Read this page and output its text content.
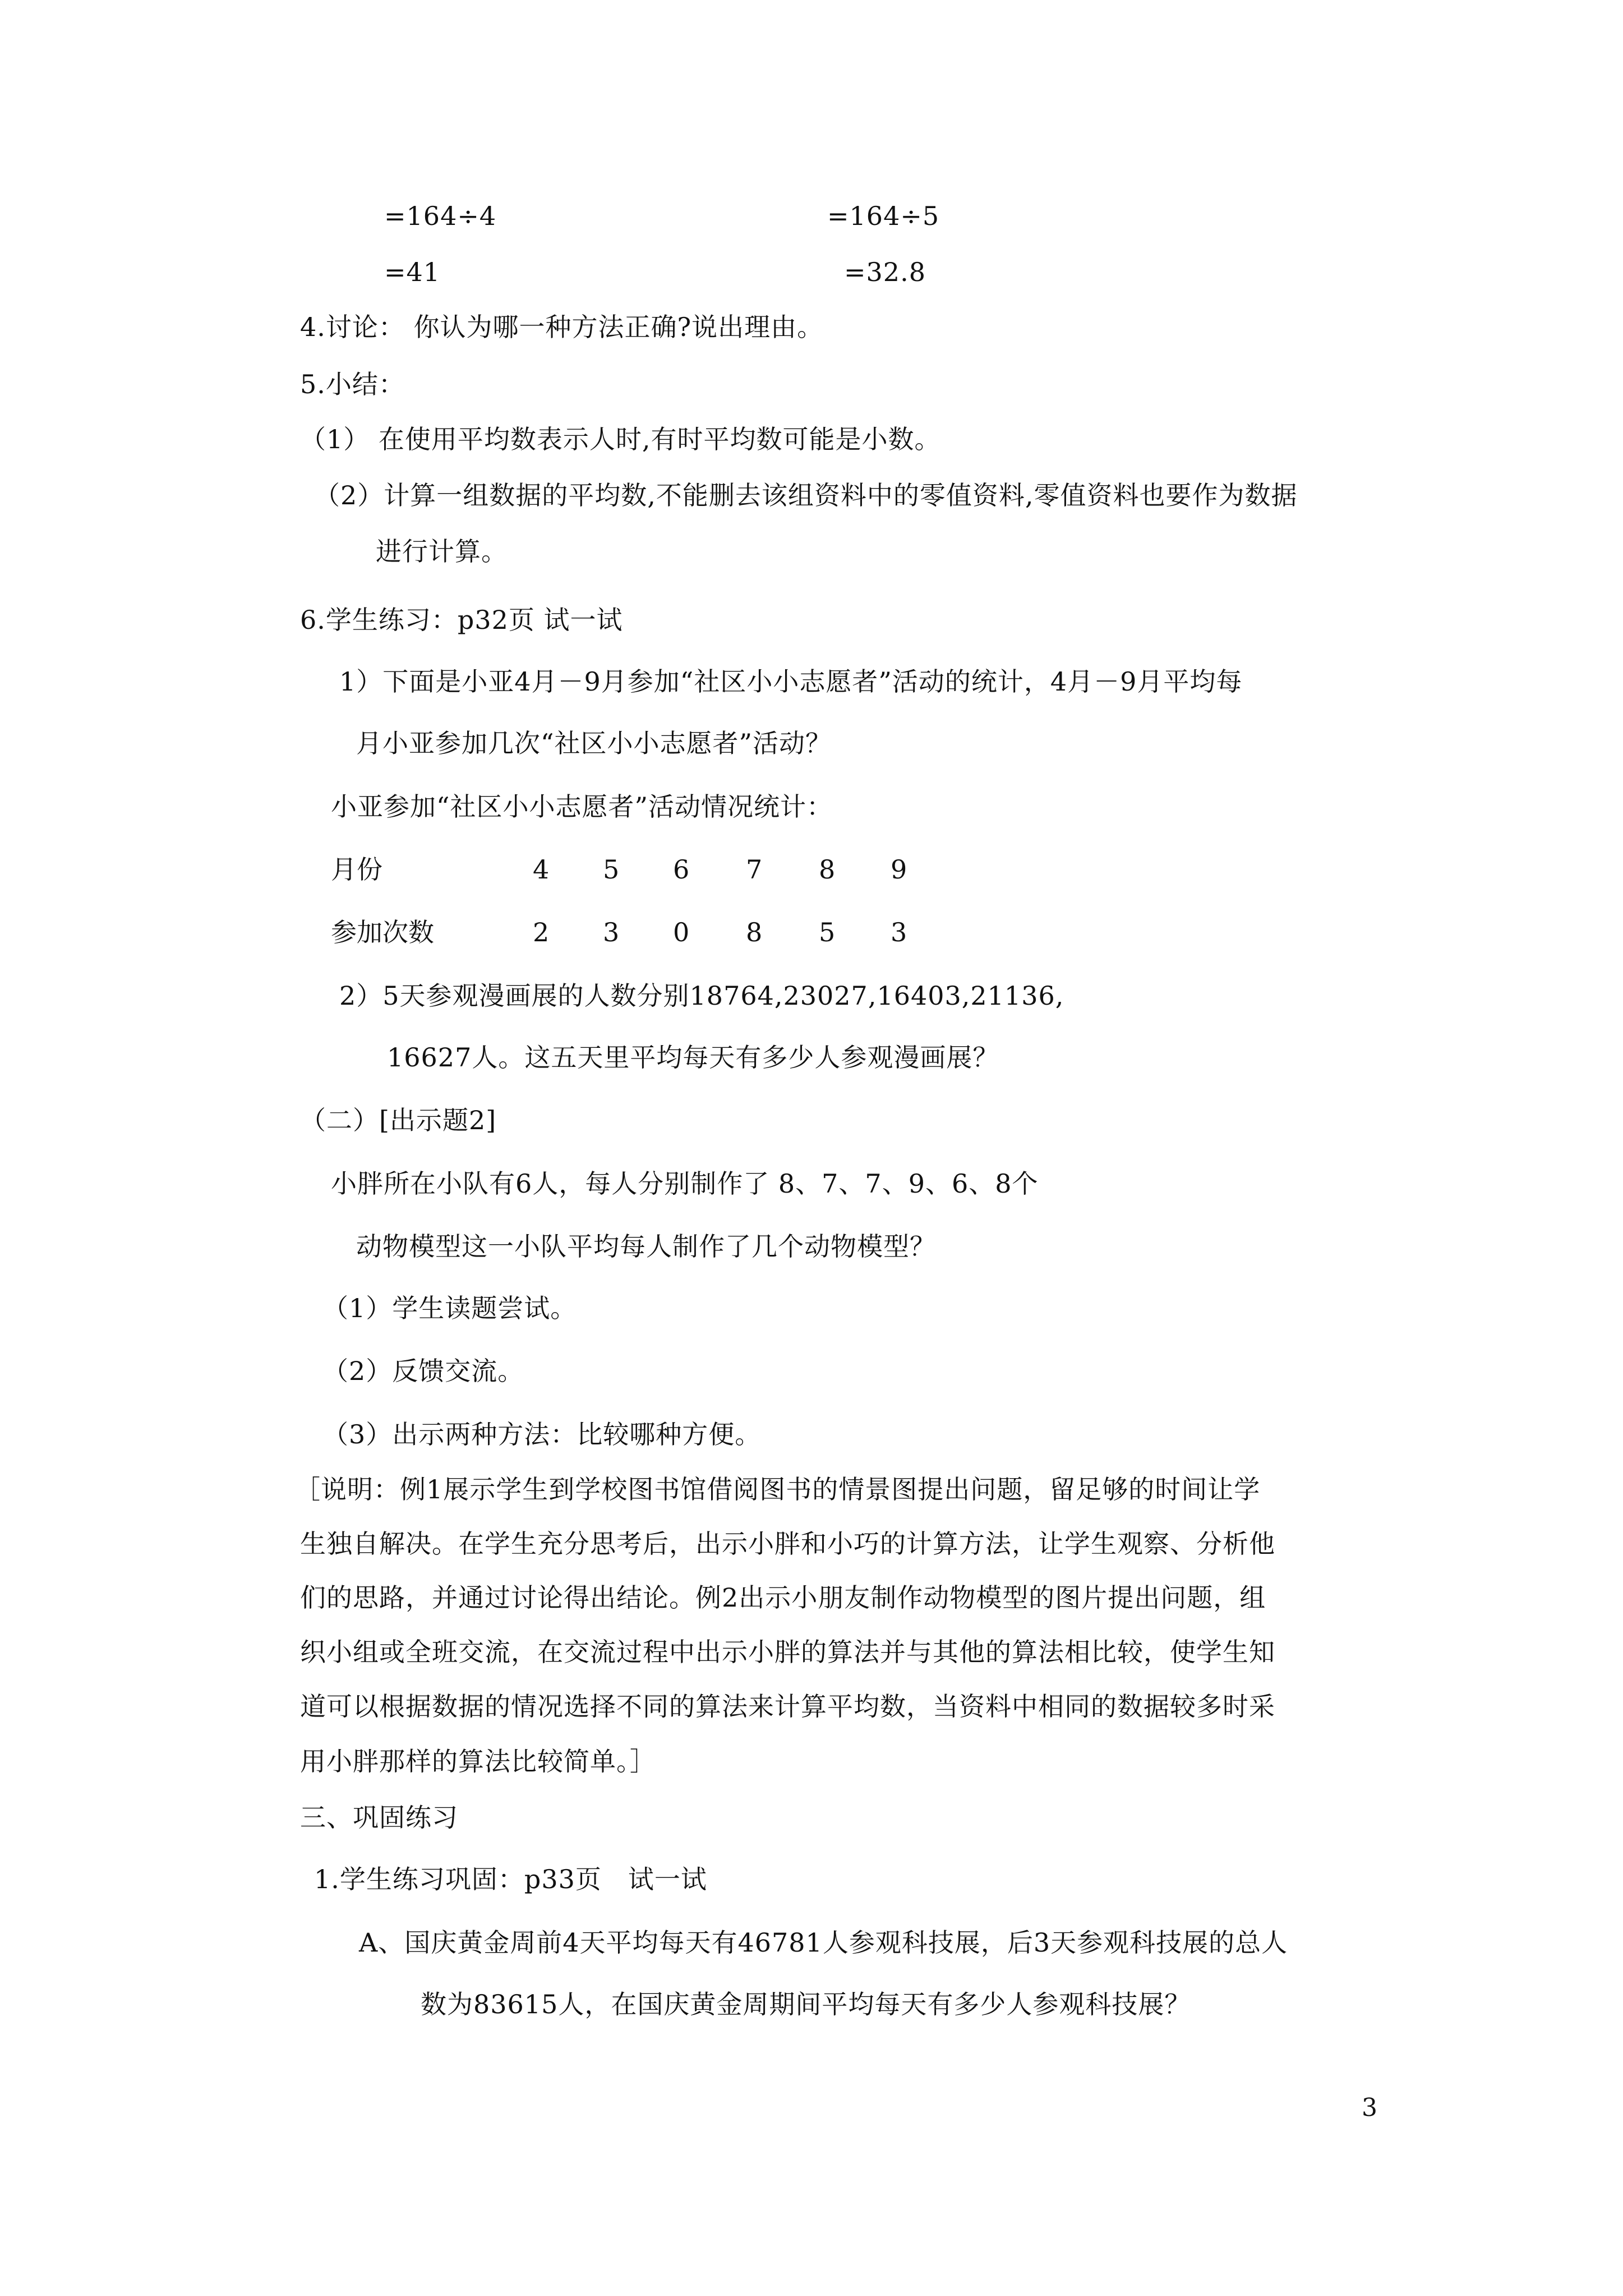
=164÷4	=164÷5
=41	=32.8
4.讨论： 你认为哪一种方法正确?说出理由。
5.小结：
（1） 在使用平均数表示人时,有时平均数可能是小数。
（2）计算一组数据的平均数,不能删去该组资料中的零值资料,零值资料也要作为数据
进行计算。
6.学生练习：p32页 试一试
1）下面是小亚4月－9月参加“社区小小志愿者”活动的统计，4月－9月平均每
月小亚参加几次“社区小小志愿者”活动？
小亚参加“社区小小志愿者”活动情况统计：
月份	4 5 6 7 8 9
参加次数	2 3 0 8 5 3
2）5天参观漫画展的人数分别18764,23027,16403,21136,
16627人。这五天里平均每天有多少人参观漫画展？
（二）[出示题2]
小胖所在小队有6人，每人分别制作了 8、7、7、9、6、8个
动物模型这一小队平均每人制作了几个动物模型？
（1）学生读题尝试。
（2）反馈交流。
（3）出示两种方法：比较哪种方便。
［说明：例1展示学生到学校图书馆借阅图书的情景图提出问题，留足够的时间让学
生独自解决。在学生充分思考后，出示小胖和小巧的计算方法，让学生观察、分析他
们的思路，并通过讨论得出结论。例2出示小朋友制作动物模型的图片提出问题，组
织小组或全班交流，在交流过程中出示小胖的算法并与其他的算法相比较，使学生知
道可以根据数据的情况选择不同的算法来计算平均数，当资料中相同的数据较多时采
用小胖那样的算法比较简单。］
三、巩固练习
1.学生练习巩固：p33页　试一试
A、国庆黄金周前4天平均每天有46781人参观科技展，后3天参观科技展的总人
数为83615人，在国庆黄金周期间平均每天有多少人参观科技展？
3
